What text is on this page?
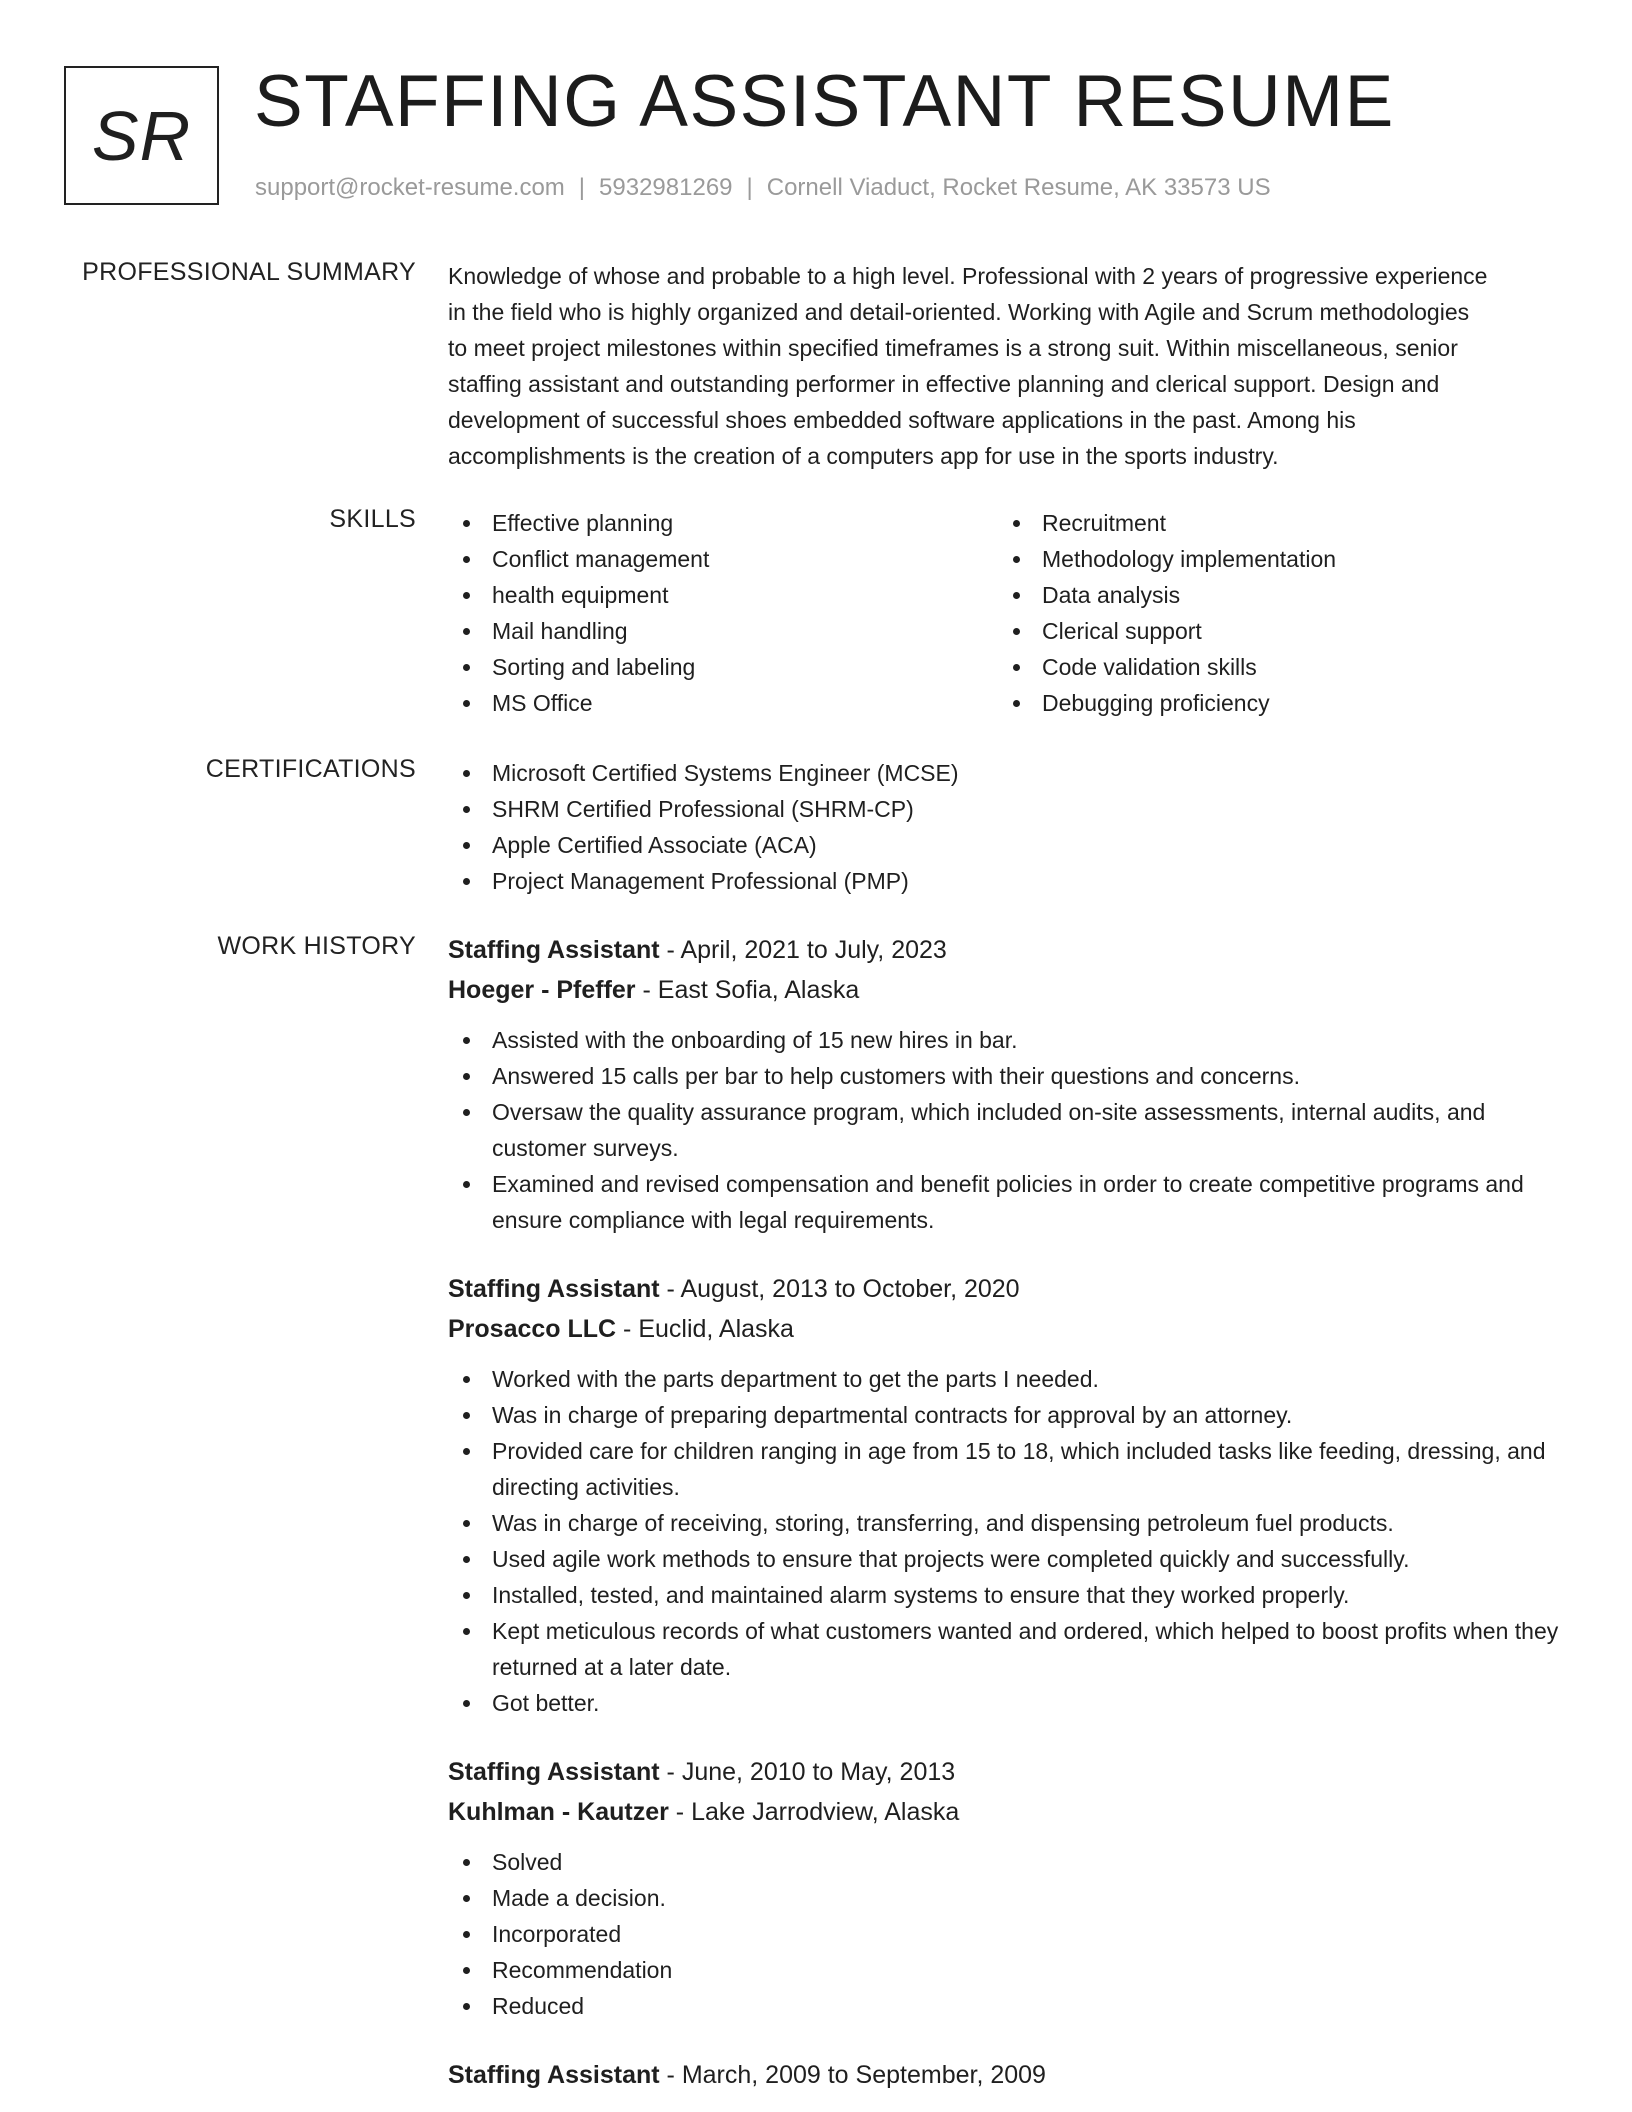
SR STAFFING ASSISTANT RESUME
support@rocket-resume.com | 5932981269 | Cornell Viaduct, Rocket Resume, AK 33573 US
PROFESSIONAL SUMMARY Knowledge of whose and probable to a high level. Professional with 2 years of progressive experience

in the field who is highly organized and detail-oriented. Working with Agile and Scrum methodologies

to meet project milestones within specified timeframes is a strong suit. Within miscellaneous, senior

staffing assistant and outstanding performer in effective planning and clerical support. Design and

development of successful shoes embedded software applications in the past. Among his

accomplishments is the creation of a computers app for use in the sports industry.

SKILLS	Effective planning
Conflict management
health equipment
Mail handling
Sorting and labeling
MS Office
Recruitment
Methodology implementation
Data analysis
Clerical support
Code validation skills
Debugging proficiency
CERTIFICATIONS	Microsoft Certified Systems Engineer (MCSE)
SHRM Certified Professional (SHRM-CP)
Apple Certified Associate (ACA)
Project Management Professional (PMP)
WORK HISTORY Staffing Assistant - April, 2021 to July, 2023
Hoeger - Pfeffer - East Sofia, Alaska
Assisted with the onboarding of 15 new hires in bar.
Answered 15 calls per bar to help customers with their questions and concerns.
Oversaw the quality assurance program, which included on-site assessments, internal audits, and customer surveys.
Examined and revised compensation and benefit policies in order to create competitive programs and ensure compliance with legal requirements.
Staffing Assistant - August, 2013 to October, 2020
Prosacco LLC - Euclid, Alaska
Worked with the parts department to get the parts I needed.
Was in charge of preparing departmental contracts for approval by an attorney.
Provided care for children ranging in age from 15 to 18, which included tasks like feeding, dressing, and directing activities.
Was in charge of receiving, storing, transferring, and dispensing petroleum fuel products.
Used agile work methods to ensure that projects were completed quickly and successfully.
Installed, tested, and maintained alarm systems to ensure that they worked properly.
Kept meticulous records of what customers wanted and ordered, which helped to boost profits when they returned at a later date.
Got better.
Staffing Assistant - June, 2010 to May, 2013
Kuhlman - Kautzer - Lake Jarrodview, Alaska
Solved
Made a decision.
Incorporated
Recommendation
Reduced
Staffing Assistant - March, 2009 to September, 2009
